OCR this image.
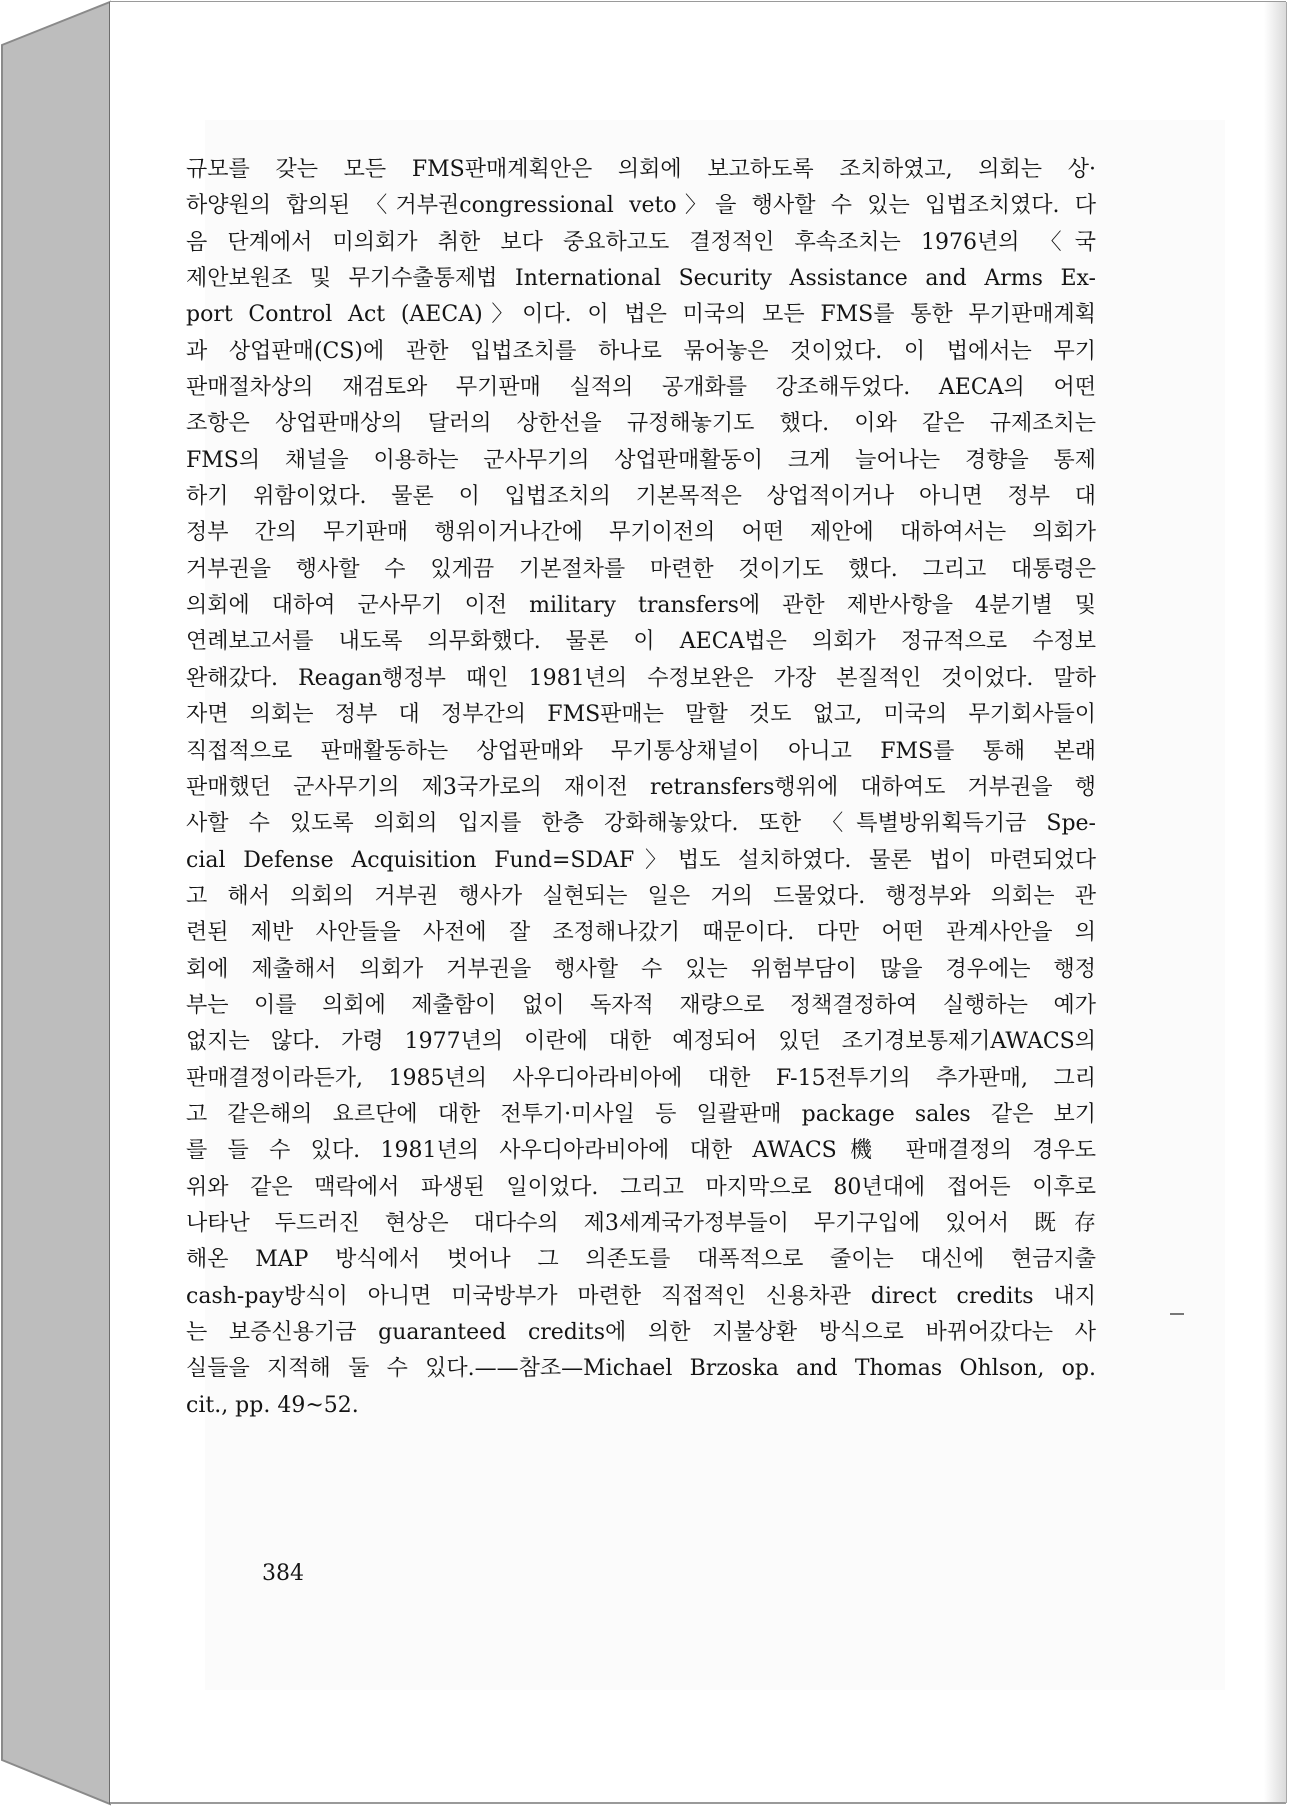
규모를 갖는 모든 FMS판매계획안은 의회에 보고하도록 조치하였고, 의회는 상·
하양원의 합의된 〈거부권congressional veto〉을 행사할 수 있는 입법조치였다. 다
음 단계에서 미의회가 취한 보다 중요하고도 결정적인 후속조치는 1976년의 〈국
제안보원조 및 무기수출통제법 International Security Assistance and Arms Ex-
port Control Act (AECA)〉이다. 이 법은 미국의 모든 FMS를 통한 무기판매계획
과 상업판매(CS)에 관한 입법조치를 하나로 묶어놓은 것이었다. 이 법에서는 무기
판매절차상의 재검토와 무기판매 실적의 공개화를 강조해두었다. AECA의 어떤
조항은 상업판매상의 달러의 상한선을 규정해놓기도 했다. 이와 같은 규제조치는
FMS의 채널을 이용하는 군사무기의 상업판매활동이 크게 늘어나는 경향을 통제
하기 위함이었다. 물론 이 입법조치의 기본목적은 상업적이거나 아니면 정부 대
정부 간의 무기판매 행위이거나간에 무기이전의 어떤 제안에 대하여서는 의회가
거부권을 행사할 수 있게끔 기본절차를 마련한 것이기도 했다. 그리고 대통령은
의회에 대하여 군사무기 이전 military transfers에 관한 제반사항을 4분기별 및
연례보고서를 내도록 의무화했다. 물론 이 AECA법은 의회가 정규적으로 수정보
완해갔다. Reagan행정부 때인 1981년의 수정보완은 가장 본질적인 것이었다. 말하
자면 의회는 정부 대 정부간의 FMS판매는 말할 것도 없고, 미국의 무기회사들이
직접적으로 판매활동하는 상업판매와 무기통상채널이 아니고 FMS를 통해 본래
판매했던 군사무기의 제3국가로의 재이전 retransfers행위에 대하여도 거부권을 행
사할 수 있도록 의회의 입지를 한층 강화해놓았다. 또한 〈특별방위획득기금 Spe-
cial Defense Acquisition Fund=SDAF〉법도 설치하였다. 물론 법이 마련되었다
고 해서 의회의 거부권 행사가 실현되는 일은 거의 드물었다. 행정부와 의회는 관
련된 제반 사안들을 사전에 잘 조정해나갔기 때문이다. 다만 어떤 관계사안을 의
회에 제출해서 의회가 거부권을 행사할 수 있는 위험부담이 많을 경우에는 행정
부는 이를 의회에 제출함이 없이 독자적 재량으로 정책결정하여 실행하는 예가
없지는 않다. 가령 1977년의 이란에 대한 예정되어 있던 조기경보통제기AWACS의
판매결정이라든가, 1985년의 사우디아라비아에 대한 F-15전투기의 추가판매, 그리
고 같은해의 요르단에 대한 전투기·미사일 등 일괄판매 package sales 같은 보기
를 들 수 있다. 1981년의 사우디아라비아에 대한 AWACS機 판매결정의 경우도
위와 같은 맥락에서 파생된 일이었다. 그리고 마지막으로 80년대에 접어든 이후로
나타난 두드러진 현상은 대다수의 제3세계국가정부들이 무기구입에 있어서 既存
해온 MAP 방식에서 벗어나 그 의존도를 대폭적으로 줄이는 대신에 현금지출
cash-pay방식이 아니면 미국방부가 마련한 직접적인 신용차관 direct credits 내지
는 보증신용기금 guaranteed credits에 의한 지불상환 방식으로 바뀌어갔다는 사
실들을 지적해 둘 수 있다.——참조—Michael Brzoska and Thomas Ohlson, op.
cit., pp. 49~52.
384
